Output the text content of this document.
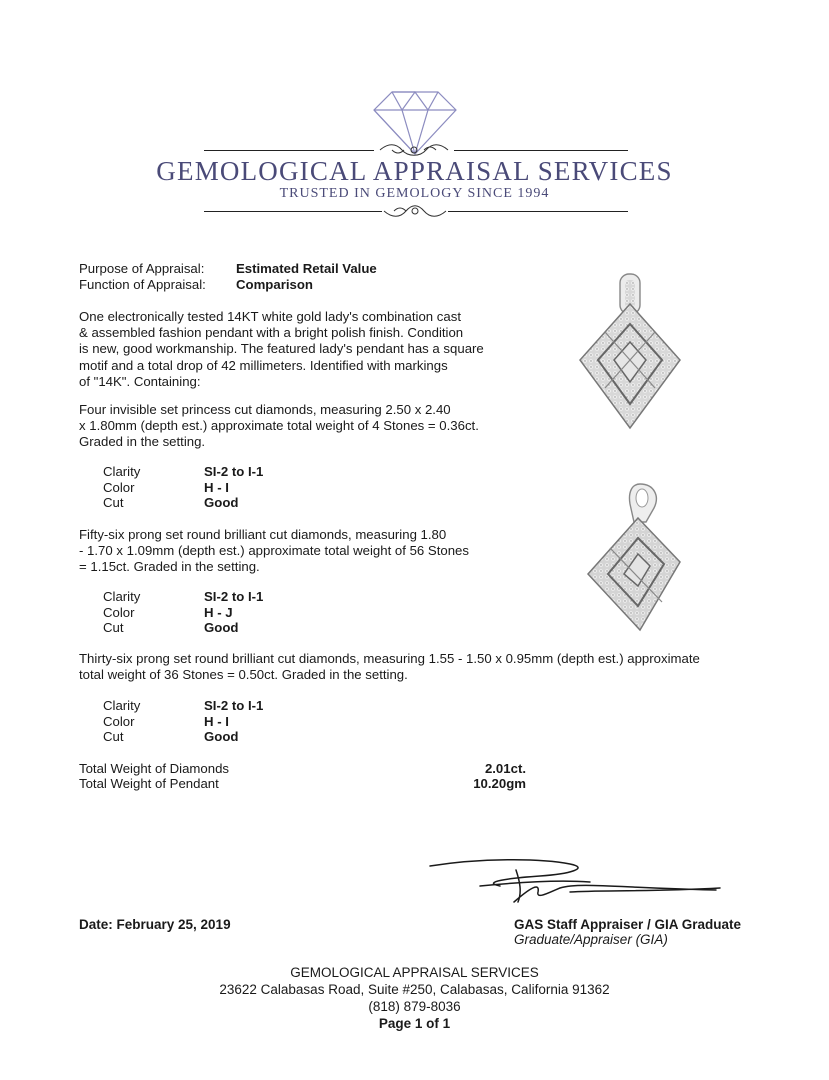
GEMOLOGICAL APPRAISAL SERVICES
TRUSTED IN GEMOLOGY SINCE 1994
Purpose of Appraisal: Estimated Retail Value
Function of Appraisal: Comparison
One electronically tested 14KT white gold lady's combination cast
& assembled fashion pendant with a bright polish finish. Condition
is new, good workmanship. The featured lady's pendant has a square
motif and a total drop of 42 millimeters. Identified with markings
of "14K". Containing:
Four invisible set princess cut diamonds, measuring 2.50 x 2.40
x 1.80mm (depth est.) approximate total weight of 4 Stones = 0.36ct.
Graded in the setting.
Clarity	SI-2 to I-1
Color	H - I
Cut	Good
Fifty-six prong set round brilliant cut diamonds, measuring 1.80
- 1.70 x 1.09mm (depth est.) approximate total weight of 56 Stones
= 1.15ct. Graded in the setting.
Clarity	SI-2 to I-1
Color	H - J
Cut	Good
Thirty-six prong set round brilliant cut diamonds, measuring 1.55 - 1.50 x 0.95mm (depth est.) approximate
total weight of 36 Stones = 0.50ct. Graded in the setting.
Clarity	SI-2 to I-1
Color	H - I
Cut	Good
Total Weight of Diamonds	2.01ct.
Total Weight of Pendant	10.20gm
Date: February 25, 2019	GAS Staff Appraiser / GIA Graduate
Graduate/Appraiser (GIA)
GEMOLOGICAL APPRAISAL SERVICES
23622 Calabasas Road, Suite #250, Calabasas, California 91362
(818) 879-8036
Page 1 of 1
